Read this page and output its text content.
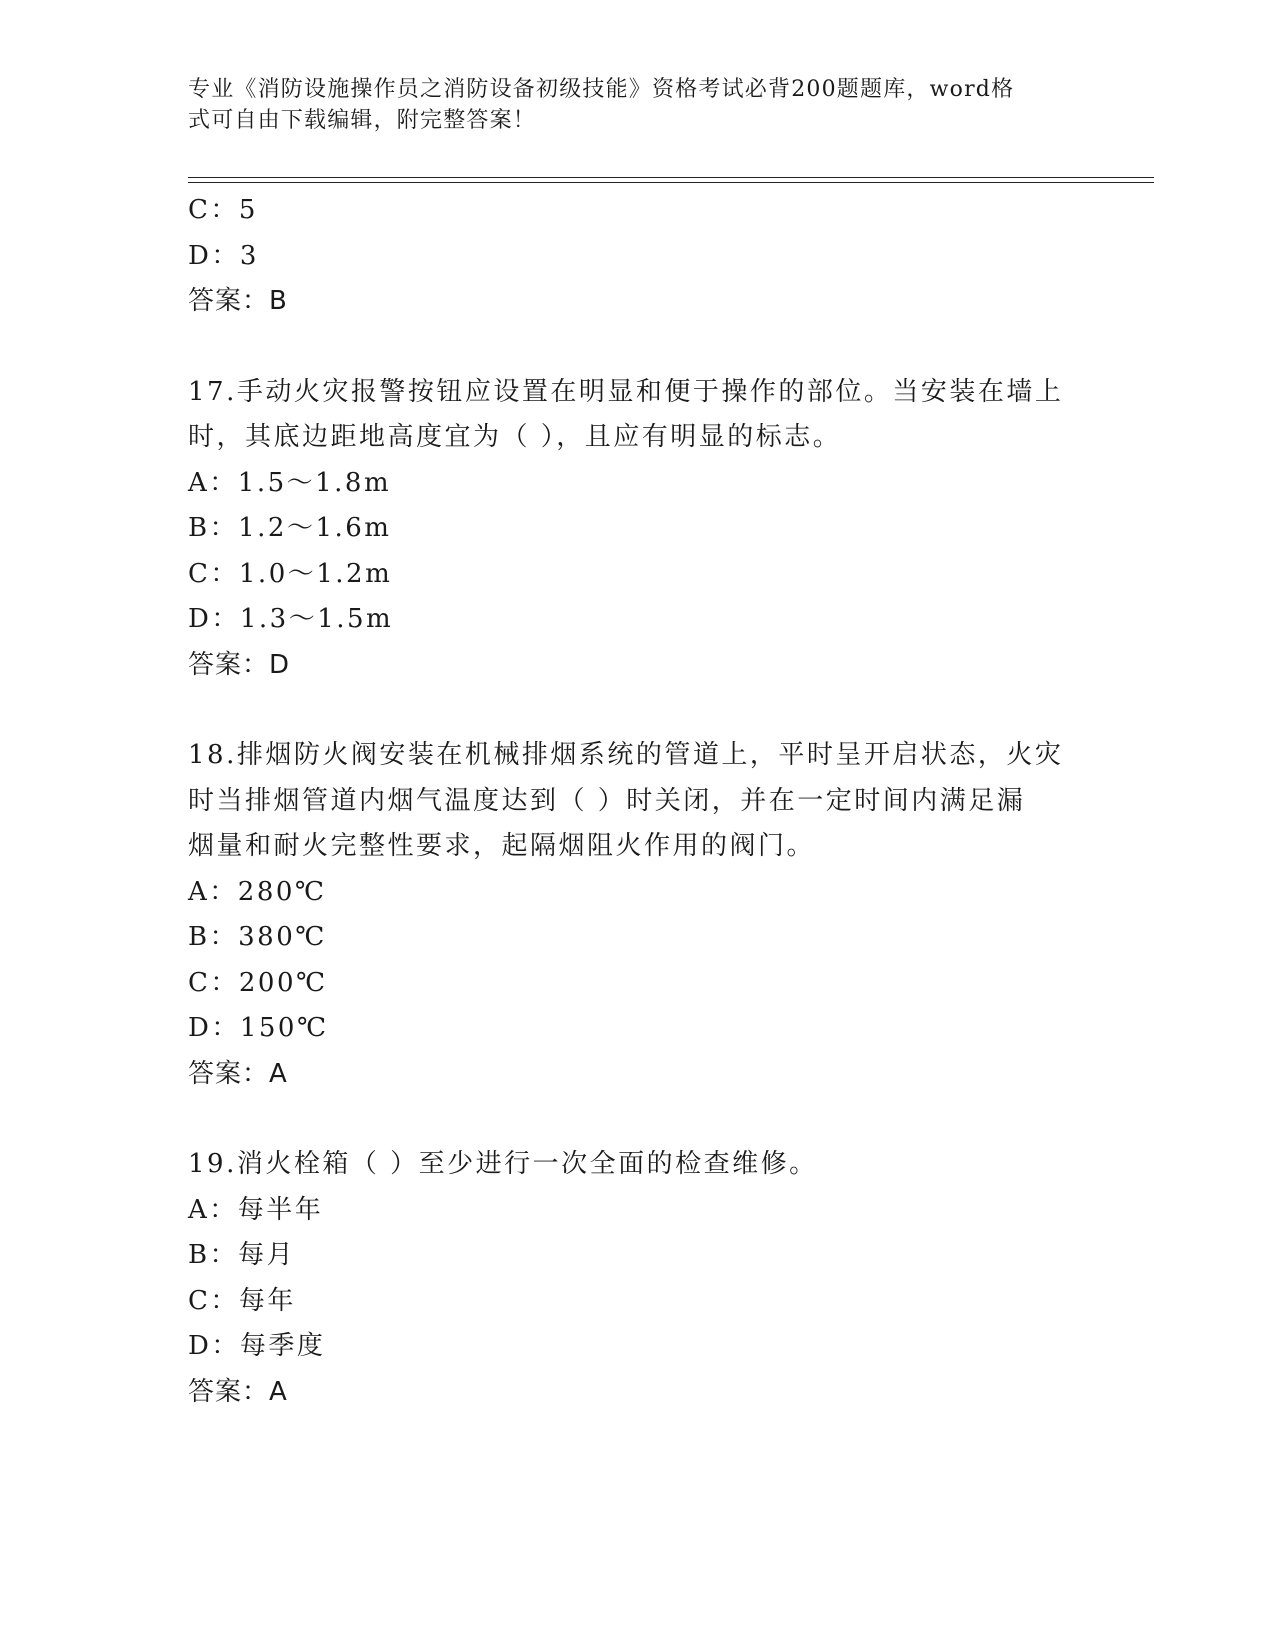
专业《消防设施操作员之消防设备初级技能》资格考试必背200题题库，word格
式可自由下载编辑，附完整答案！
C：5
D：3
答案：B
17.手动火灾报警按钮应设置在明显和便于操作的部位。当安装在墙上
时，其底边距地高度宜为（ ），且应有明显的标志。
A：1.5～1.8m
B：1.2～1.6m
C：1.0～1.2m
D：1.3～1.5m
答案：D
18.排烟防火阀安装在机械排烟系统的管道上，平时呈开启状态，火灾
时当排烟管道内烟气温度达到（ ）时关闭，并在一定时间内满足漏
烟量和耐火完整性要求，起隔烟阻火作用的阀门。
A：280℃
B：380℃
C：200℃
D：150℃
答案：A
19.消火栓箱（ ）至少进行一次全面的检查维修。
A：每半年
B：每月
C：每年
D：每季度
答案：A
